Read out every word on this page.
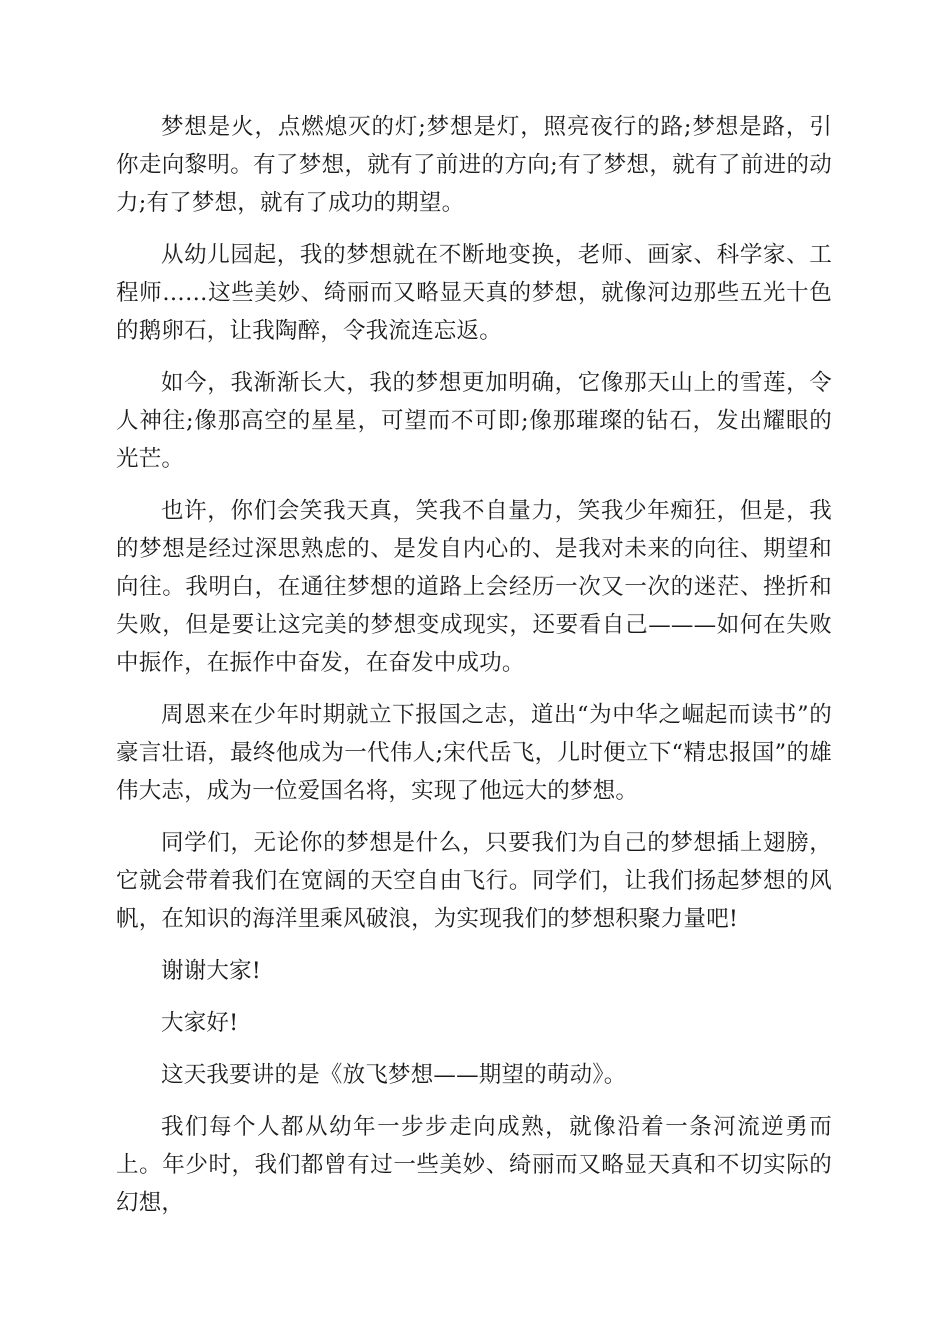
梦想是火，点燃熄灭的灯;梦想是灯，照亮夜行的路;梦想是路，引你走向黎明。有了梦想，就有了前进的方向;有了梦想，就有了前进的动力;有了梦想，就有了成功的期望。

从幼儿园起，我的梦想就在不断地变换，老师、画家、科学家、工程师……这些美妙、绮丽而又略显天真的梦想，就像河边那些五光十色的鹅卵石，让我陶醉，令我流连忘返。

如今，我渐渐长大，我的梦想更加明确，它像那天山上的雪莲，令人神往;像那高空的星星，可望而不可即;像那璀璨的钻石，发出耀眼的光芒。

也许，你们会笑我天真，笑我不自量力，笑我少年痴狂，但是，我的梦想是经过深思熟虑的、是发自内心的、是我对未来的向往、期望和向往。我明白，在通往梦想的道路上会经历一次又一次的迷茫、挫折和失败，但是要让这完美的梦想变成现实，还要看自己———如何在失败中振作，在振作中奋发，在奋发中成功。

周恩来在少年时期就立下报国之志，道出“为中华之崛起而读书”的豪言壮语，最终他成为一代伟人;宋代岳飞，儿时便立下“精忠报国”的雄伟大志，成为一位爱国名将，实现了他远大的梦想。

同学们，无论你的梦想是什么，只要我们为自己的梦想插上翅膀，它就会带着我们在宽阔的天空自由飞行。同学们，让我们扬起梦想的风帆，在知识的海洋里乘风破浪，为实现我们的梦想积聚力量吧!

谢谢大家!

大家好!

这天我要讲的是《放飞梦想——期望的萌动》。

我们每个人都从幼年一步步走向成熟，就像沿着一条河流逆勇而上。年少时，我们都曾有过一些美妙、绮丽而又略显天真和不切实际的幻想，
